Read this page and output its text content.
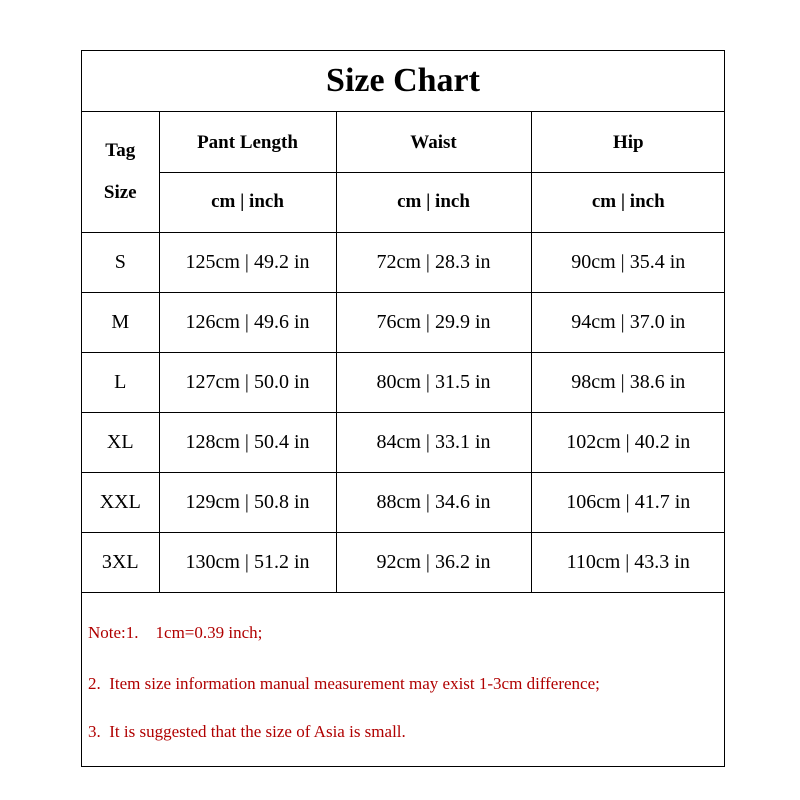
Size Chart
Tag
Size	Pant Length	Waist	Hip
	cm | inch	cm | inch	cm | inch
S	125cm | 49.2 in	72cm | 28.3 in	90cm | 35.4 in
M	126cm | 49.6 in	76cm | 29.9 in	94cm | 37.0 in
L	127cm | 50.0 in	80cm | 31.5 in	98cm | 38.6 in
XL	128cm | 50.4 in	84cm | 33.1 in	102cm | 40.2 in
XXL	129cm | 50.8 in	88cm | 34.6 in	106cm | 41.7 in
3XL	130cm | 51.2 in	92cm | 36.2 in	110cm | 43.3 in
Note:1.    1cm=0.39 inch;
2.  Item size information manual measurement may exist 1-3cm difference;
3.  It is suggested that the size of Asia is small.
